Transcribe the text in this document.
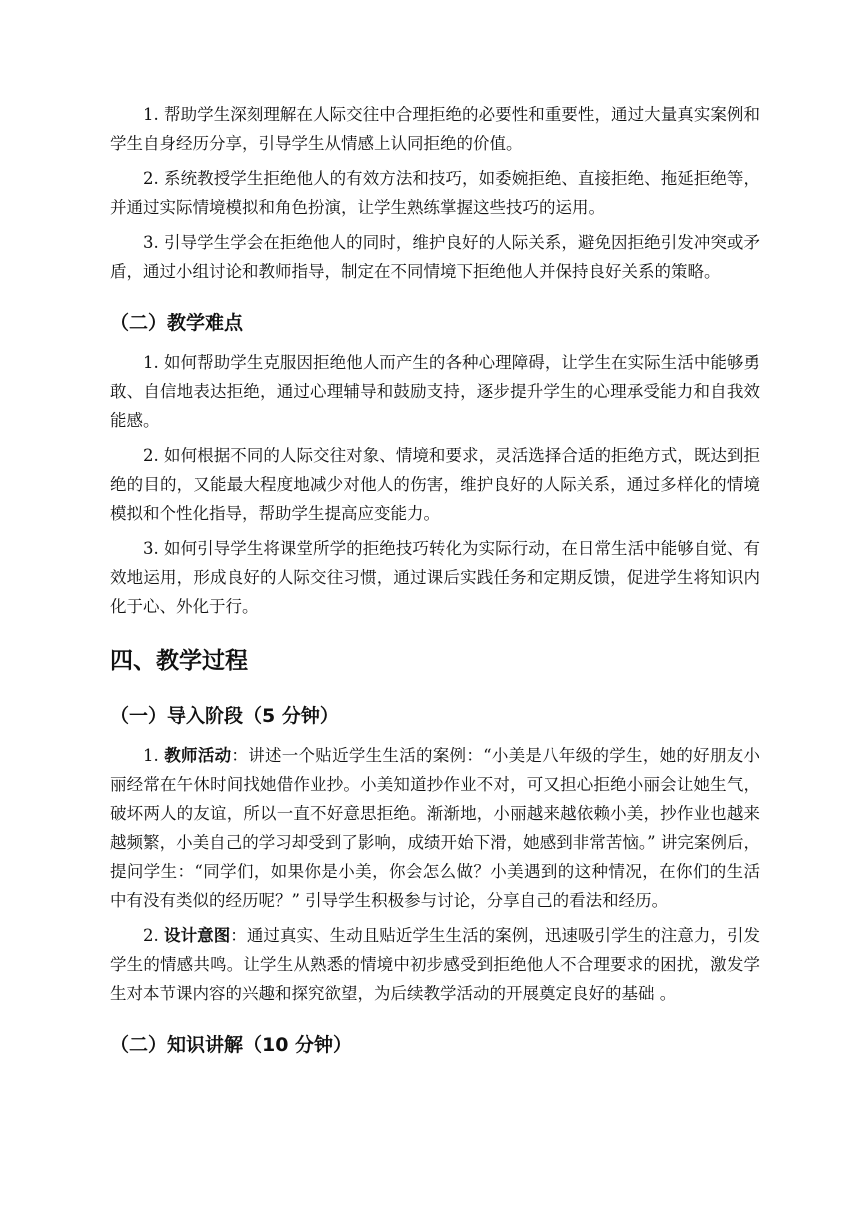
1. 帮助学生深刻理解在人际交往中合理拒绝的必要性和重要性，通过大量真实案例和学生自身经历分享，引导学生从情感上认同拒绝的价值。

2. 系统教授学生拒绝他人的有效方法和技巧，如委婉拒绝、直接拒绝、拖延拒绝等，并通过实际情境模拟和角色扮演，让学生熟练掌握这些技巧的运用。

3. 引导学生学会在拒绝他人的同时，维护良好的人际关系，避免因拒绝引发冲突或矛盾，通过小组讨论和教师指导，制定在不同情境下拒绝他人并保持良好关系的策略。

（二）教学难点

1. 如何帮助学生克服因拒绝他人而产生的各种心理障碍，让学生在实际生活中能够勇敢、自信地表达拒绝，通过心理辅导和鼓励支持，逐步提升学生的心理承受能力和自我效能感。

2. 如何根据不同的人际交往对象、情境和要求，灵活选择合适的拒绝方式，既达到拒绝的目的，又能最大程度地减少对他人的伤害，维护良好的人际关系，通过多样化的情境模拟和个性化指导，帮助学生提高应变能力。

3. 如何引导学生将课堂所学的拒绝技巧转化为实际行动，在日常生活中能够自觉、有效地运用，形成良好的人际交往习惯，通过课后实践任务和定期反馈，促进学生将知识内化于心、外化于行。

四、教学过程
（一）导入阶段（5 分钟）

1. 教师活动：讲述一个贴近学生生活的案例：“小美是八年级的学生，她的好朋友小丽经常在午休时间找她借作业抄。小美知道抄作业不对，可又担心拒绝小丽会让她生气，破坏两人的友谊，所以一直不好意思拒绝。渐渐地，小丽越来越依赖小美，抄作业也越来越频繁，小美自己的学习却受到了影响，成绩开始下滑，她感到非常苦恼。” 讲完案例后，提问学生：“同学们，如果你是小美，你会怎么做？小美遇到的这种情况，在你们的生活中有没有类似的经历呢？” 引导学生积极参与讨论，分享自己的看法和经历。

2. 设计意图：通过真实、生动且贴近学生生活的案例，迅速吸引学生的注意力，引发学生的情感共鸣。让学生从熟悉的情境中初步感受到拒绝他人不合理要求的困扰，激发学生对本节课内容的兴趣和探究欲望，为后续教学活动的开展奠定良好的基础 。

（二）知识讲解（10 分钟）
